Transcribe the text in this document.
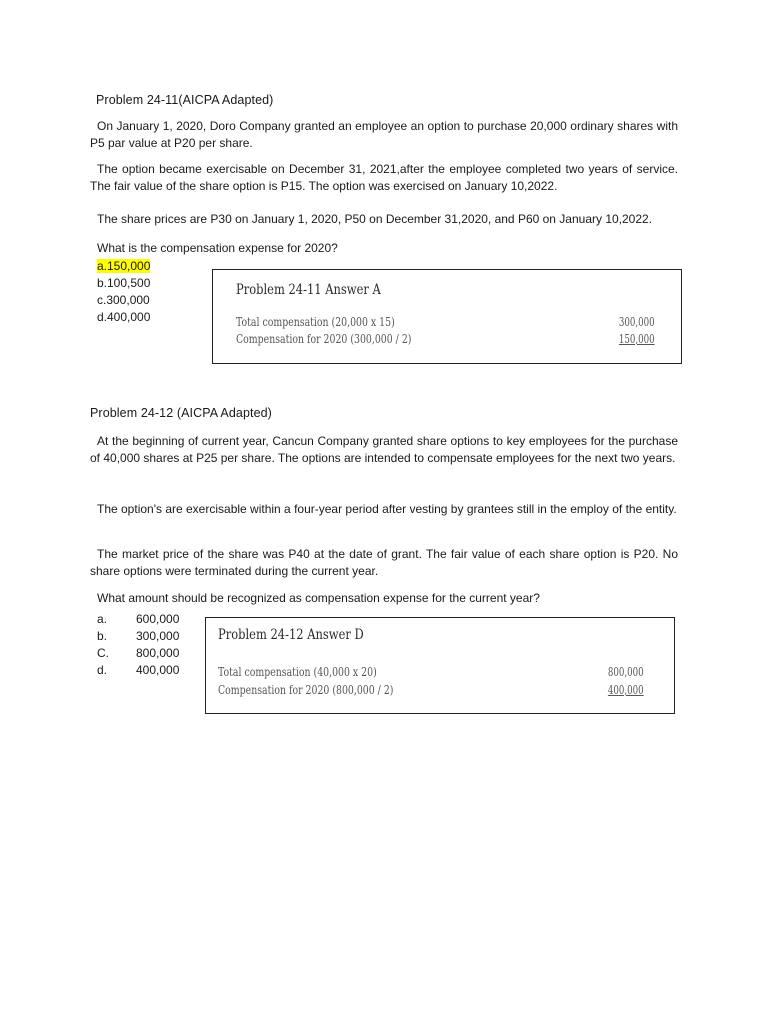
Problem 24-11(AICPA Adapted)
On January 1, 2020, Doro Company granted an employee an option to purchase 20,000 ordinary shares with P5 par value at P20 per share.
The option became exercisable on December 31, 2021,after the employee completed two years of service. The fair value of the share option is P15. The option was exercised on January 10,2022.
The share prices are P30 on January 1, 2020, P50 on December 31,2020, and P60 on January 10,2022.
What is the compensation expense for 2020?
a.150,000
b.100,500
c.300,000
d.400,000
Problem 24-11 Answer A
Total compensation (20,000 x 15)	300,000
Compensation for 2020 (300,000 / 2)	150,000
Problem 24-12 (AICPA Adapted)
At the beginning of current year, Cancun Company granted share options to key employees for the purchase of 40,000 shares at P25 per share. The options are intended to compensate employees for the next two years.
The option's are exercisable within a four-year period after vesting by grantees still in the employ of the entity.
The market price of the share was P40 at the date of grant. The fair value of each share option is P20. No share options were terminated during the current year.
What amount should be recognized as compensation expense for the current year?
a.	600,000
b.	300,000
C.	800,000
d.	400,000
Problem 24-12 Answer D
Total compensation (40,000 x 20)	800,000
Compensation for 2020 (800,000 / 2)	400,000
